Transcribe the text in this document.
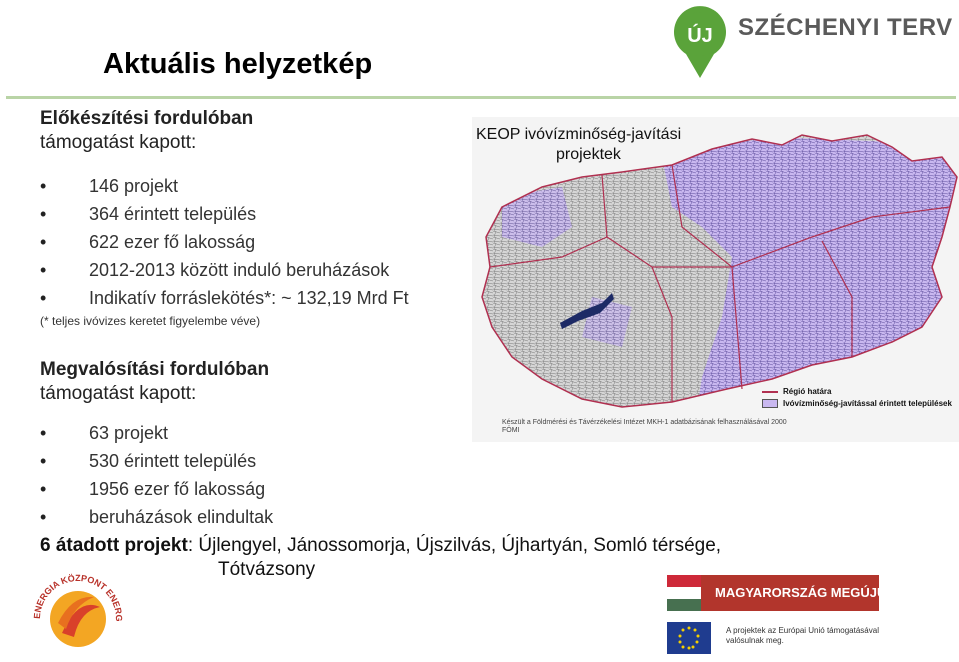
Aktuális helyzetkép
ÚJ SZÉCHENYI TERV
Előkészítési fordulóban
támogatást kapott:
• 146 projekt
• 364 érintett település
• 622 ezer fő lakosság
• 2012-2013 között induló beruházások
• Indikatív forráslekötés*: ~ 132,19 Mrd Ft
(* teljes ivóvizes keretet figyelembe véve)
Megvalósítási fordulóban
támogatást kapott:
• 63 projekt
• 530 érintett település
• 1956 ezer fő lakosság
• beruházások elindultak
6 átadott projekt: Újlengyel, Jánossomorja, Újszilvás, Újhartyán, Somló térsége,
Tótvázsony
KEOP ivóvízminőség-javítási
projektek
Régió határa
Ivóvízminőség-javítással érintett települések
Készült a Földmérési és Távérzékelési Intézet MKH-1 adatbázisának felhasználásával 2000 FÖMI
ENERGIA KÖZPONT ENERG
MAGYARORSZÁG MEGÚJUL
A projektek az Európai Unió támogatásával valósulnak meg.
